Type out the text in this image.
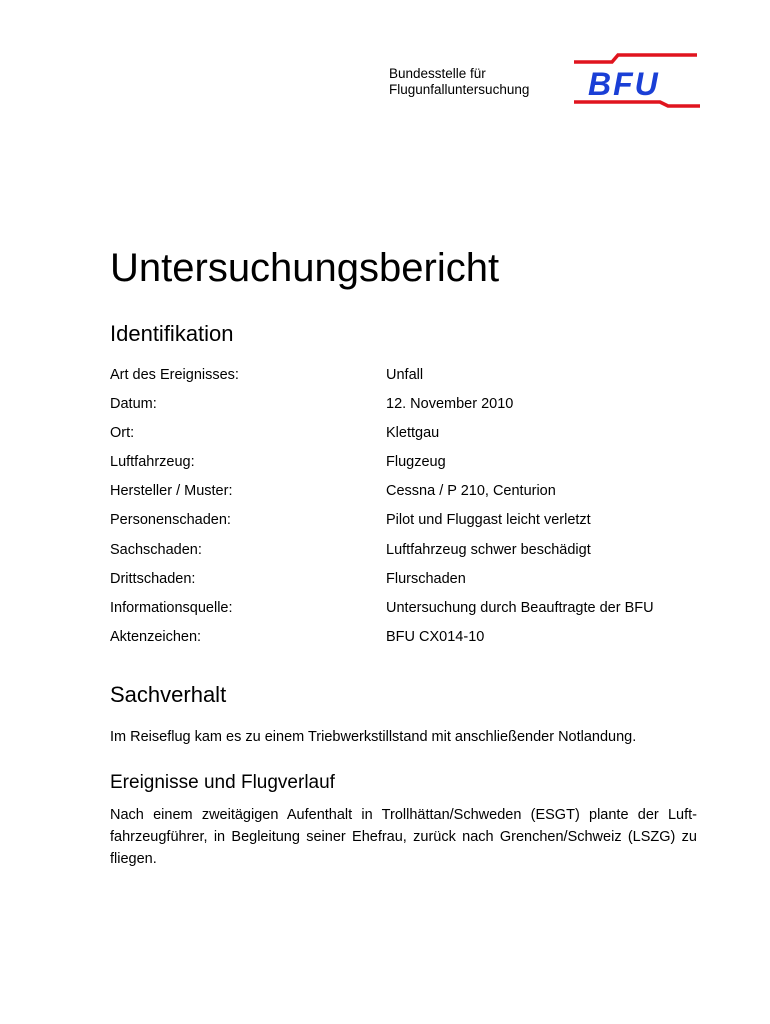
Bundesstelle für
Flugunfalluntersuchung BFU
Untersuchungsbericht
Identifikation
Art des Ereignisses:	Unfall
Datum:	12. November 2010
Ort:	Klettgau
Luftfahrzeug:	Flugzeug
Hersteller / Muster:	Cessna / P 210, Centurion
Personenschaden:	Pilot und Fluggast leicht verletzt
Sachschaden:	Luftfahrzeug schwer beschädigt
Drittschaden:	Flurschaden
Informationsquelle:	Untersuchung durch Beauftragte der BFU
Aktenzeichen:	BFU CX014-10
Sachverhalt

Im Reiseflug kam es zu einem Triebwerkstillstand mit anschließender Notlandung.

Ereignisse und Flugverlauf

Nach einem zweitägigen Aufenthalt in Trollhättan/Schweden (ESGT) plante der Luft-fahrzeugführer, in Begleitung seiner Ehefrau, zurück nach Grenchen/Schweiz (LSZG) zu fliegen.
